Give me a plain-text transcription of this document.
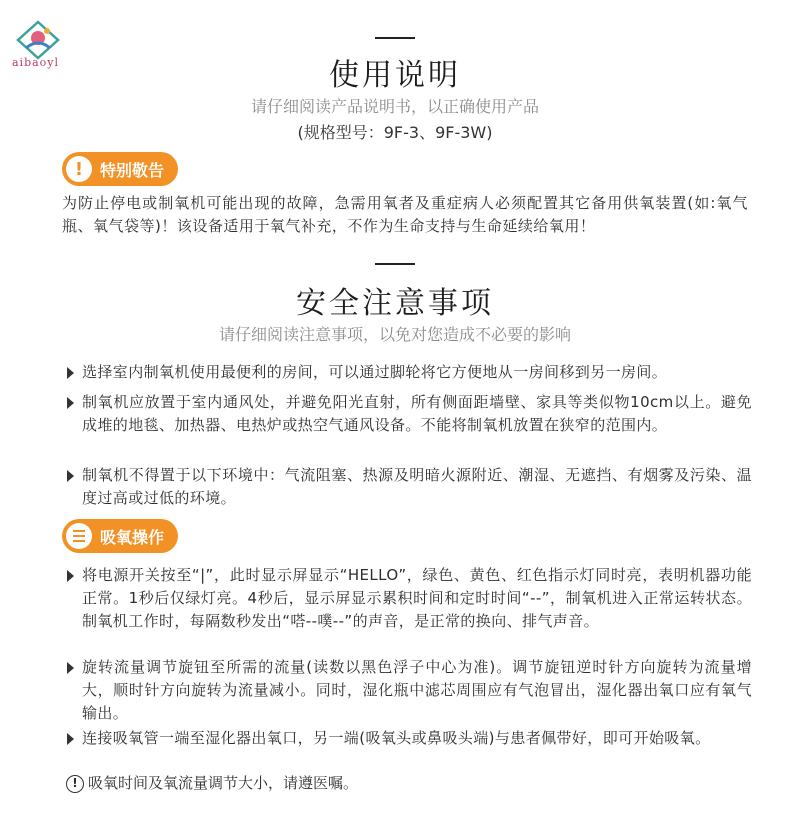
aibaoyl	使用说明
请仔细阅读产品说明书，以正确使用产品
(规格型号：9F-3、9F-3W)
!	特别敬告
为防止停电或制氧机可能出现的故障，急需用氧者及重症病人必须配置其它备用供氧装置(如:氧气瓶、氧气袋等)！该设备适用于氧气补充，不作为生命支持与生命延续给氧用！
安全注意事项
请仔细阅读注意事项，以免对您造成不必要的影响
选择室内制氧机使用最便利的房间，可以通过脚轮将它方便地从一房间移到另一房间。
制氧机应放置于室内通风处，并避免阳光直射，所有侧面距墙壁、家具等类似物10cm以上。避免成堆的地毯、加热器、电热炉或热空气通风设备。不能将制氧机放置在狭窄的范围内。
制氧机不得置于以下环境中：气流阻塞、热源及明暗火源附近、潮湿、无遮挡、有烟雾及污染、温度过高或过低的环境。
吸氧操作
将电源开关按至“|”，此时显示屏显示“HELLO”，绿色、黄色、红色指示灯同时亮，表明机器功能正常。1秒后仅绿灯亮。4秒后，显示屏显示累积时间和定时时间“--”，制氧机进入正常运转状态。制氧机工作时，每隔数秒发出“嗒--噗--”的声音，是正常的换向、排气声音。
旋转流量调节旋钮至所需的流量(读数以黑色浮子中心为准)。调节旋钮逆时针方向旋转为流量增大，顺时针方向旋转为流量减小。同时，湿化瓶中滤芯周围应有气泡冒出，湿化器出氧口应有氧气输出。
连接吸氧管一端至湿化器出氧口，另一端(吸氧头或鼻吸头端)与患者佩带好，即可开始吸氧。
! 吸氧时间及氧流量调节大小，请遵医嘱。
